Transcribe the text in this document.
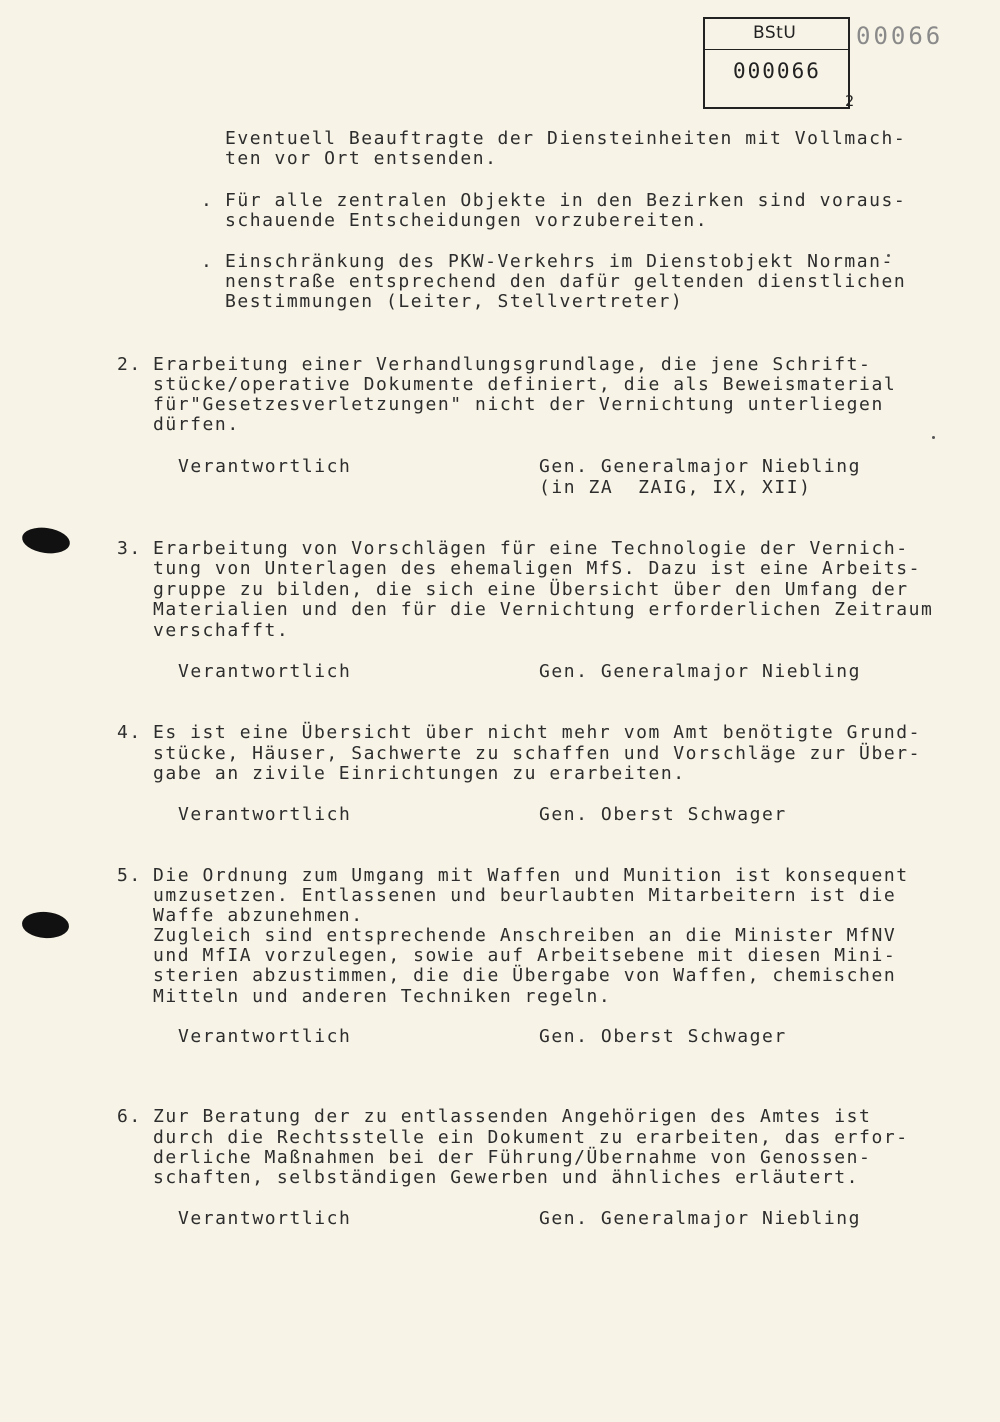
BStU
000066
2
00066

Eventuell Beauftragte der Diensteinheiten mit Vollmach-

ten vor Ort entsenden.

. Für alle zentralen Objekte in den Bezirken sind voraus-

schauende Entscheidungen vorzubereiten.

. Einschränkung des PKW-Verkehrs im Dienstobjekt Norman-

nenstraße entsprechend den dafür geltenden dienstlichen

Bestimmungen (Leiter, Stellvertreter)

2. Erarbeitung einer Verhandlungsgrundlage, die jene Schrift-

stücke/operative Dokumente definiert, die als Beweismaterial

für"Gesetzesverletzungen" nicht der Vernichtung unterliegen

dürfen.

Verantwortlich	Gen. Generalmajor Niebling

(in ZA  ZAIG, IX, XII)

3. Erarbeitung von Vorschlägen für eine Technologie der Vernich-

tung von Unterlagen des ehemaligen MfS. Dazu ist eine Arbeits-

gruppe zu bilden, die sich eine Übersicht über den Umfang der

Materialien und den für die Vernichtung erforderlichen Zeitraum

verschafft.

Verantwortlich	Gen. Generalmajor Niebling

4. Es ist eine Übersicht über nicht mehr vom Amt benötigte Grund-

stücke, Häuser, Sachwerte zu schaffen und Vorschläge zur Über-

gabe an zivile Einrichtungen zu erarbeiten.

Verantwortlich	Gen. Oberst Schwager

5. Die Ordnung zum Umgang mit Waffen und Munition ist konsequent

umzusetzen. Entlassenen und beurlaubten Mitarbeitern ist die

Waffe abzunehmen.

Zugleich sind entsprechende Anschreiben an die Minister MfNV

und MfIA vorzulegen, sowie auf Arbeitsebene mit diesen Mini-

sterien abzustimmen, die die Übergabe von Waffen, chemischen

Mitteln und anderen Techniken regeln.

Verantwortlich	Gen. Oberst Schwager

6. Zur Beratung der zu entlassenden Angehörigen des Amtes ist

durch die Rechtsstelle ein Dokument zu erarbeiten, das erfor-

derliche Maßnahmen bei der Führung/Übernahme von Genossen-

schaften, selbständigen Gewerben und ähnliches erläutert.

Verantwortlich	Gen. Generalmajor Niebling
